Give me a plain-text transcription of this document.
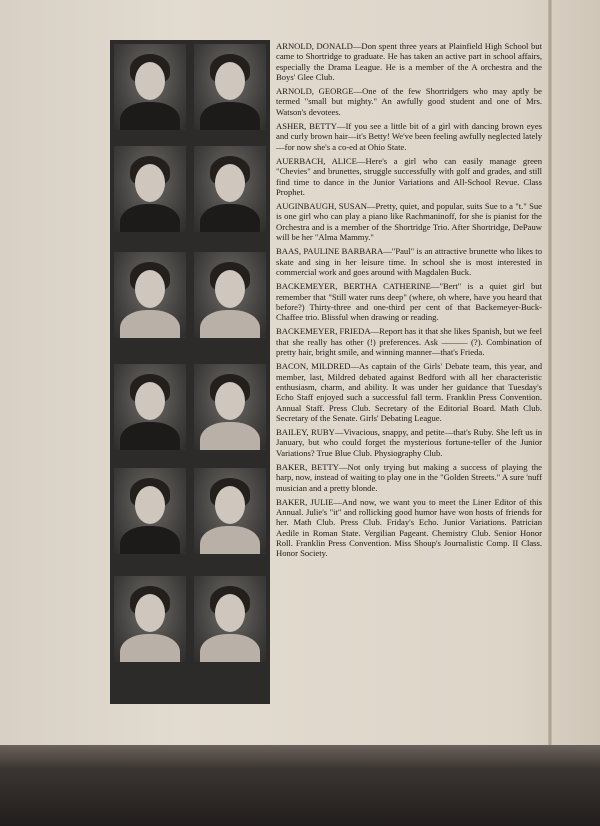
ARNOLD, DONALD—Don spent three years at Plainfield High School but came to Shortridge to graduate. He has taken an active part in school affairs, especially the Drama League. He is a member of the A orchestra and the Boys' Glee Club.

ARNOLD, GEORGE—One of the few Shortridgers who may aptly be termed "small but mighty." An awfully good student and one of Mrs. Watson's devotees.

ASHER, BETTY—If you see a little bit of a girl with dancing brown eyes and curly brown hair—it's Betty! We've been feeling awfully neglected lately—for now she's a co-ed at Ohio State.

AUERBACH, ALICE—Here's a girl who can easily manage green "Chevies" and brunettes, struggle successfully with golf and grades, and still find time to dance in the Junior Variations and All-School Revue. Class Prophet.

AUGINBAUGH, SUSAN—Pretty, quiet, and popular, suits Sue to a "t." Sue is one girl who can play a piano like Rachmaninoff, for she is pianist for the Orchestra and is a member of the Shortridge Trio. After Shortridge, DePauw will be her "Alma Mammy."

BAAS, PAULINE BARBARA—"Paul" is an attractive brunette who likes to skate and sing in her leisure time. In school she is most interested in commercial work and goes around with Magdalen Buck.

BACKEMEYER, BERTHA CATHERINE—"Bert" is a quiet girl but remember that "Still water runs deep" (where, oh where, have you heard that before?) Thirty-three and one-third per cent of that Backemeyer-Buck-Chaffee trio. Blissful when drawing or reading.

BACKEMEYER, FRIEDA—Report has it that she likes Spanish, but we feel that she really has other (!) preferences. Ask ——— (?). Combination of pretty hair, bright smile, and winning manner—that's Frieda.

BACON, MILDRED—As captain of the Girls' Debate team, this year, and member, last, Mildred debated against Bedford with all her characteristic enthusiasm, charm, and ability. It was under her guidance that Tuesday's Echo Staff enjoyed such a successful fall term. Franklin Press Convention. Annual Staff. Press Club. Secretary of the Editorial Board. Math Club. Secretary of the Senate. Girls' Debating League.

BAILEY, RUBY—Vivacious, snappy, and petite—that's Ruby. She left us in January, but who could forget the mysterious fortune-teller of the Junior Variations? True Blue Club. Physiography Club.

BAKER, BETTY—Not only trying but making a success of playing the harp, now, instead of waiting to play one in the "Golden Streets." A sure 'nuff musician and a pretty blonde.

BAKER, JULIE—And now, we want you to meet the Liner Editor of this Annual. Julie's "it" and rollicking good humor have won hosts of friends for her. Math Club. Press Club. Friday's Echo. Junior Variations. Patrician Aedile in Roman State. Vergilian Pageant. Chemistry Club. Senior Honor Roll. Franklin Press Convention. Miss Shoup's Journalistic Comp. II Class. Honor Society.
